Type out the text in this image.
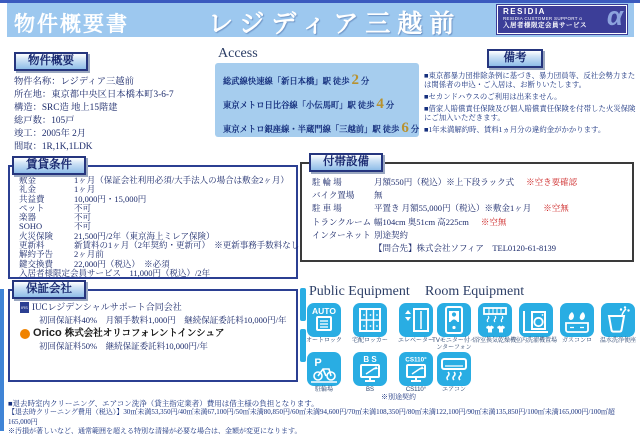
物件概要書	レジディア三越前	RESIDIA
RESIDIA CUSTOMER SUPPORT α
入居者様限定会員サービス α
物件概要
物件名称：レジディア三越前
所在地：東京都中央区日本橋本町3-6-7
構造：SRC造 地上15階建
総戸数：105戸
竣工：2005年 2月
間取：1R,1K,1LDK
Access
総武線快速線「新日本橋」駅 徒歩 2 分
東京メトロ日比谷線「小伝馬町」駅 徒歩 4 分
東京メトロ銀座線・半蔵門線「三越前」駅 徒歩 6 分
備考

■東京都暴力団排除条例に基づき、暴力団員等、反社会勢力または関係者の申込・ご入居は、お断りいたします。

■セカンドハウスのご利用は出来ません。

■借家人賠償責任保険及び個人賠償責任保険を付帯した火災保険にご加入いただきます。

■1年未満解約時、賃料1ヵ月分の違約金がかかります。

賃貸条件
敷金	1ヶ月（保証会社利用必須/大手法人の場合は敷金2ヶ月）
礼金	1ヶ月
共益費	10,000円・15,000円
ペット	不可
楽器	不可
SOHO	不可
火災保険	21,500円/2年（東京海上ミレア保険）
更新料	新賃料の1ヶ月（2年契約・更新可）　※更新事務手数料なし
解約予告	2ヶ月前
鍵交換費	22,000円（税込）　※必須
入居者様限定会員サービス　11,000円（税込）/2年
付帯設備
駐 輪 場	月額550円（税込）※上下段ラック式 ※空き要確認
バイク置場	無
駐 車 場	平置き 月額55,000円（税込）※敷金1ヶ月 ※空無
トランクルーム 幅104cm 奥51cm 高225cm ※空無
インターネット 別途契約
【問合先】株式会社ソフィア　TEL0120-61-8139
保証会社
IRS IUCレジデンシャルサポート合同会社
初回保証料40%　月額手数料1,000円　継続保証委託料10,000円/年
Orico 株式会社オリコフォレントインシュア
初回保証料50%　継続保証委託料10,000円/年
Public Equipment Room Equipment
AUTO
オートロック	宅配ロッカー	エレベーター
TVモニター付インターフォン
浴室換気乾燥機
室内洗濯機置場 ガスコンロ	温水洗浄便座
P
駐輪場
B S
BS
CS110°
CS110°	エアコン
※別途契約
■退去時室内クリーニング、エアコン洗浄（貸主指定業者）費用は借主様の負担となります。
【退去時クリーニング費用（税込）】30㎡未満53,350円/40㎡未満67,100円/50㎡未満80,850円/60㎡未満94,600円/70㎡未満108,350円/80㎡未満122,100円/90㎡未満135,850円/100㎡未満165,000円/100㎡超165,000円
※汚損が著しいなど、通常範囲を超える特別な清掃が必要な場合は、金額が変更になります。
